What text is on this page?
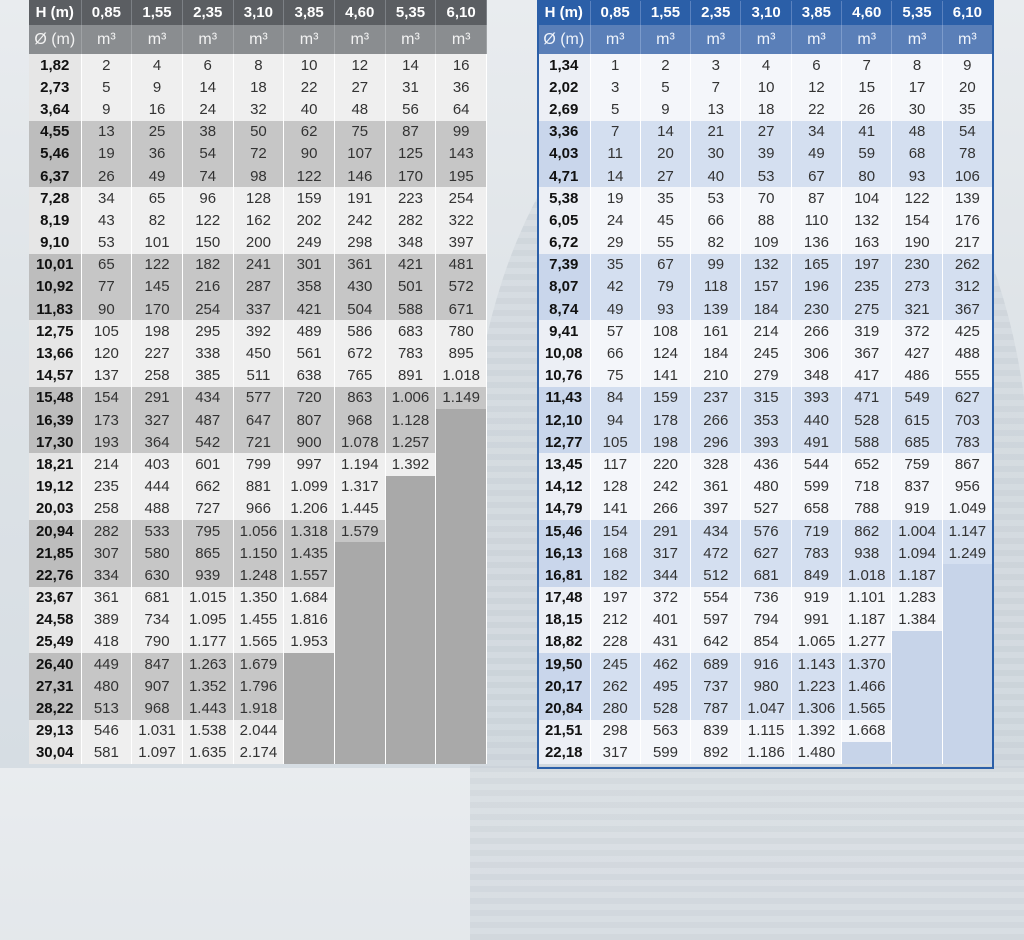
H (m)	0,85	1,55	2,35	3,10	3,85	4,60	5,35	6,10
Ø (m)	m³	m³	m³	m³	m³	m³	m³	m³
1,82	2	4	6	8	10	12	14	16
2,73	5	9	14	18	22	27	31	36
3,64	9	16	24	32	40	48	56	64
4,55	13	25	38	50	62	75	87	99
5,46	19	36	54	72	90	107	125	143
6,37	26	49	74	98	122	146	170	195
7,28	34	65	96	128	159	191	223	254
8,19	43	82	122	162	202	242	282	322
9,10	53	101	150	200	249	298	348	397
10,01	65	122	182	241	301	361	421	481
10,92	77	145	216	287	358	430	501	572
11,83	90	170	254	337	421	504	588	671
12,75	105	198	295	392	489	586	683	780
13,66	120	227	338	450	561	672	783	895
14,57	137	258	385	511	638	765	891	1.018
15,48	154	291	434	577	720	863	1.006	1.149
16,39	173	327	487	647	807	968	1.128	
17,30	193	364	542	721	900	1.078	1.257	
18,21	214	403	601	799	997	1.194	1.392	
19,12	235	444	662	881	1.099	1.317		
20,03	258	488	727	966	1.206	1.445		
20,94	282	533	795	1.056	1.318	1.579		
21,85	307	580	865	1.150	1.435			
22,76	334	630	939	1.248	1.557			
23,67	361	681	1.015	1.350	1.684			
24,58	389	734	1.095	1.455	1.816			
25,49	418	790	1.177	1.565	1.953			
26,40	449	847	1.263	1.679				
27,31	480	907	1.352	1.796				
28,22	513	968	1.443	1.918				
29,13	546	1.031	1.538	2.044				
30,04	581	1.097	1.635	2.174				
H (m)	0,85	1,55	2,35	3,10	3,85	4,60	5,35	6,10
Ø (m)	m³	m³	m³	m³	m³	m³	m³	m³
1,34	1	2	3	4	6	7	8	9
2,02	3	5	7	10	12	15	17	20
2,69	5	9	13	18	22	26	30	35
3,36	7	14	21	27	34	41	48	54
4,03	11	20	30	39	49	59	68	78
4,71	14	27	40	53	67	80	93	106
5,38	19	35	53	70	87	104	122	139
6,05	24	45	66	88	110	132	154	176
6,72	29	55	82	109	136	163	190	217
7,39	35	67	99	132	165	197	230	262
8,07	42	79	118	157	196	235	273	312
8,74	49	93	139	184	230	275	321	367
9,41	57	108	161	214	266	319	372	425
10,08	66	124	184	245	306	367	427	488
10,76	75	141	210	279	348	417	486	555
11,43	84	159	237	315	393	471	549	627
12,10	94	178	266	353	440	528	615	703
12,77	105	198	296	393	491	588	685	783
13,45	117	220	328	436	544	652	759	867
14,12	128	242	361	480	599	718	837	956
14,79	141	266	397	527	658	788	919	1.049
15,46	154	291	434	576	719	862	1.004	1.147
16,13	168	317	472	627	783	938	1.094	1.249
16,81	182	344	512	681	849	1.018	1.187	
17,48	197	372	554	736	919	1.101	1.283	
18,15	212	401	597	794	991	1.187	1.384	
18,82	228	431	642	854	1.065	1.277		
19,50	245	462	689	916	1.143	1.370		
20,17	262	495	737	980	1.223	1.466		
20,84	280	528	787	1.047	1.306	1.565		
21,51	298	563	839	1.115	1.392	1.668		
22,18	317	599	892	1.186	1.480			
